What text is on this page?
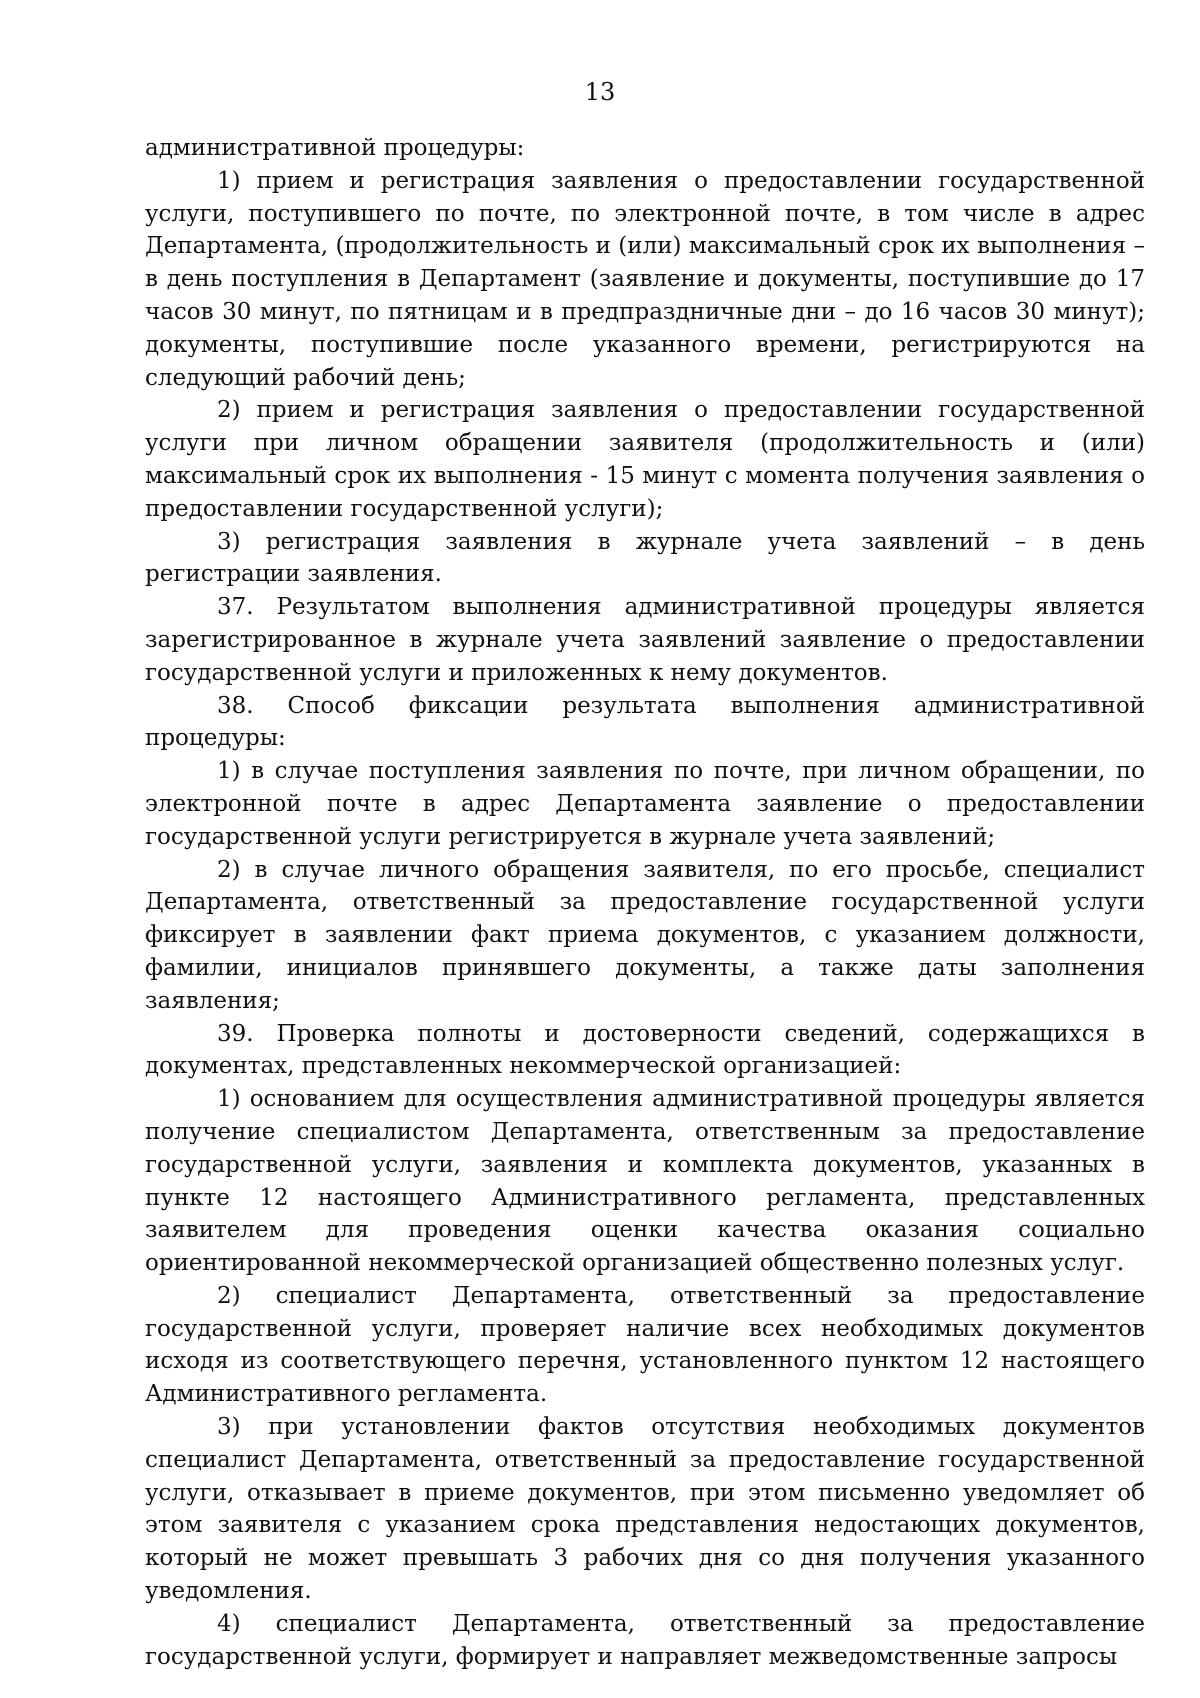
13

административной процедуры:

1) прием и регистрация заявления о предоставлении государственной услуги, поступившего по почте, по электронной почте, в том числе в адрес Департамента, (продолжительность и (или) максимальный срок их выполнения – в день поступления в Департамент (заявление и документы, поступившие до 17 часов 30 минут, по пятницам и в предпраздничные дни – до 16 часов 30 минут); документы, поступившие после указанного времени, регистрируются на следующий рабочий день;

2) прием и регистрация заявления о предоставлении государственной услуги при личном обращении заявителя (продолжительность и (или) максимальный срок их выполнения - 15 минут с момента получения заявления о предоставлении государственной услуги);

3) регистрация заявления в журнале учета заявлений – в день регистрации заявления.

37. Результатом выполнения административной процедуры является зарегистрированное в журнале учета заявлений заявление о предоставлении государственной услуги и приложенных к нему документов.

38. Способ фиксации результата выполнения административной процедуры:

1) в случае поступления заявления по почте, при личном обращении, по электронной почте в адрес Департамента заявление о предоставлении государственной услуги регистрируется в журнале учета заявлений;

2) в случае личного обращения заявителя, по его просьбе, специалист Департамента, ответственный за предоставление государственной услуги фиксирует в заявлении факт приема документов, с указанием должности, фамилии, инициалов принявшего документы, а также даты заполнения заявления;

39. Проверка полноты и достоверности сведений, содержащихся в документах, представленных некоммерческой организацией:

1) основанием для осуществления административной процедуры является получение специалистом Департамента, ответственным за предоставление государственной услуги, заявления и комплекта документов, указанных в пункте 12 настоящего Административного регламента, представленных заявителем для проведения оценки качества оказания социально ориентированной некоммерческой организацией общественно полезных услуг.

2) специалист Департамента, ответственный за предоставление государственной услуги, проверяет наличие всех необходимых документов исходя из соответствующего перечня, установленного пунктом 12 настоящего Административного регламента.

3) при установлении фактов отсутствия необходимых документов специалист Департамента, ответственный за предоставление государственной услуги, отказывает в приеме документов, при этом письменно уведомляет об этом заявителя с указанием срока представления недостающих документов, который не может превышать 3 рабочих дня со дня получения указанного уведомления.

4) специалист Департамента, ответственный за предоставление государственной услуги, формирует и направляет межведомственные запросы
